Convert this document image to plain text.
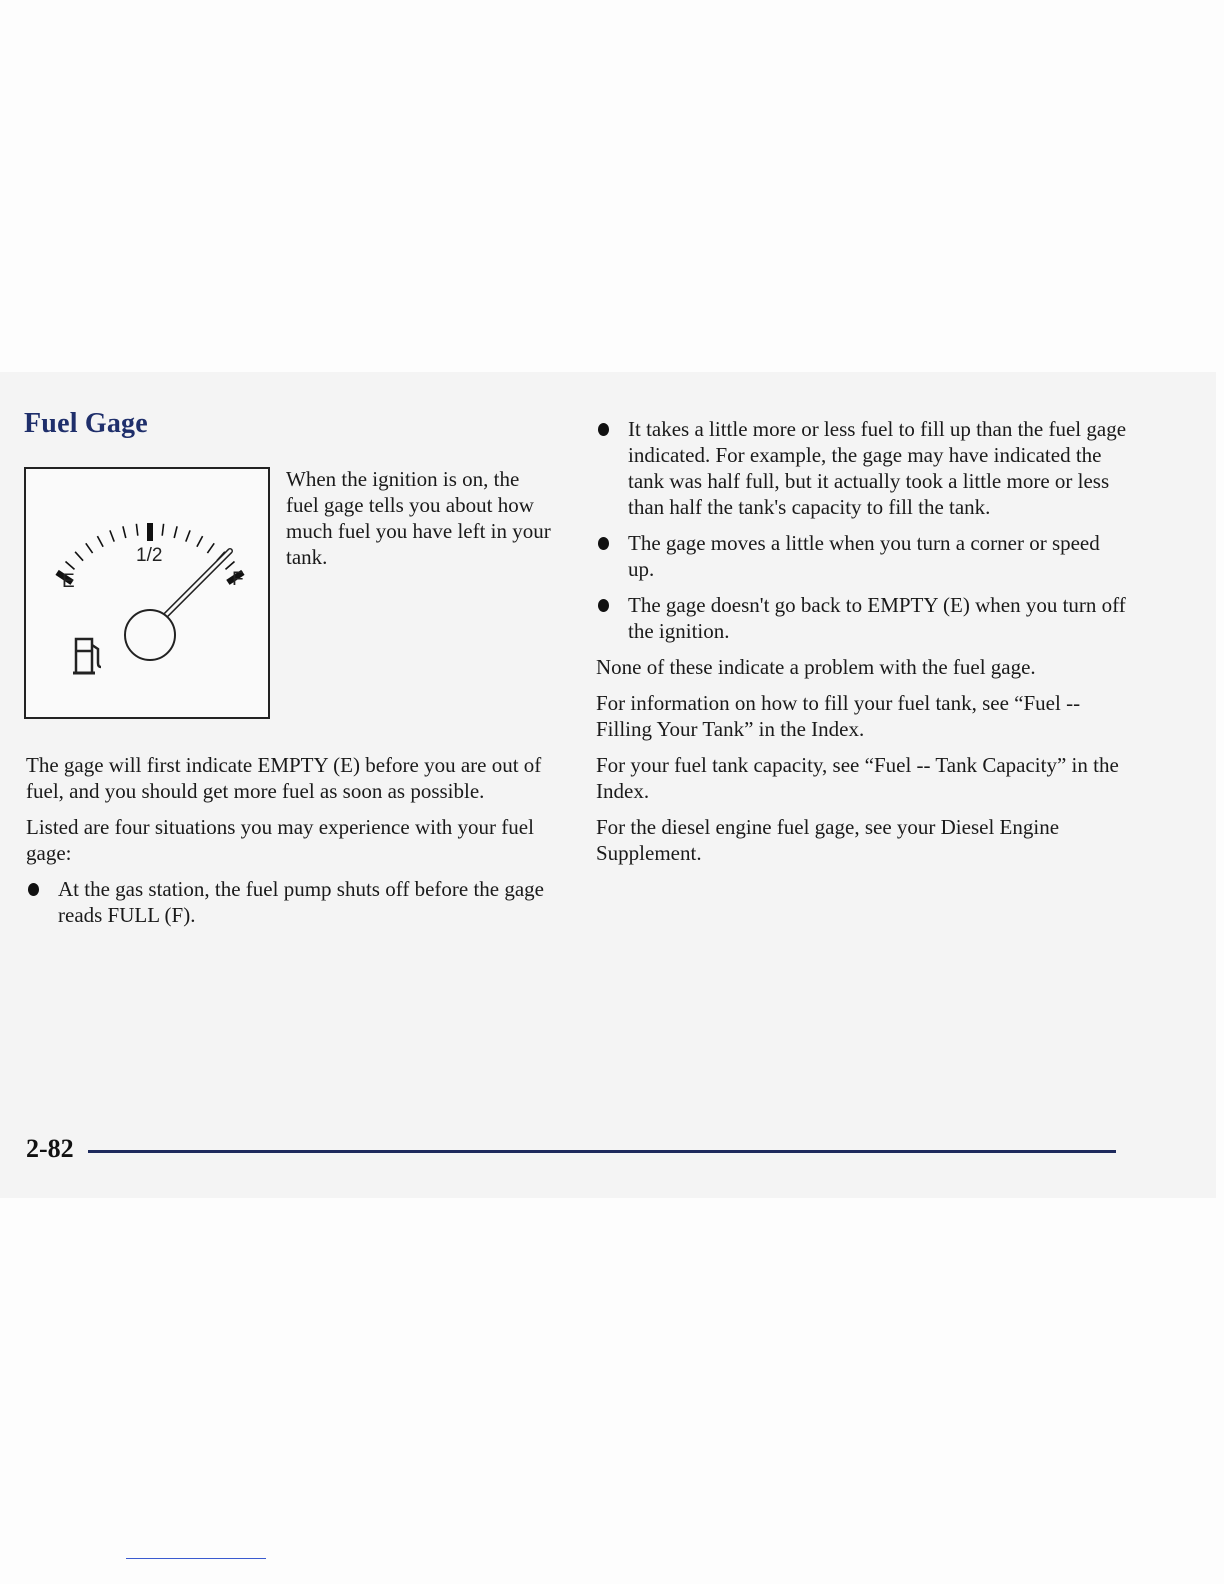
Fuel Gage
E
1/2
F

When the ignition is on, the fuel gage tells you about how much fuel you have left in your tank.

The gage will first indicate EMPTY (E) before you are out of fuel, and you should get more fuel as soon as possible.

Listed are four situations you may experience with your fuel gage:

At the gas station, the fuel pump shuts off before the gage reads FULL (F).
It takes a little more or less fuel to fill up than the fuel gage indicated. For example, the gage may have indicated the tank was half full, but it actually took a little more or less than half the tank's capacity to fill the tank.
The gage moves a little when you turn a corner or speed up.
The gage doesn't go back to EMPTY (E) when you turn off the ignition.

None of these indicate a problem with the fuel gage.

For information on how to fill your fuel tank, see “Fuel -- Filling Your Tank” in the Index.

For your fuel tank capacity, see “Fuel -- Tank Capacity” in the Index.

For the diesel engine fuel gage, see your Diesel Engine Supplement.

2-82
